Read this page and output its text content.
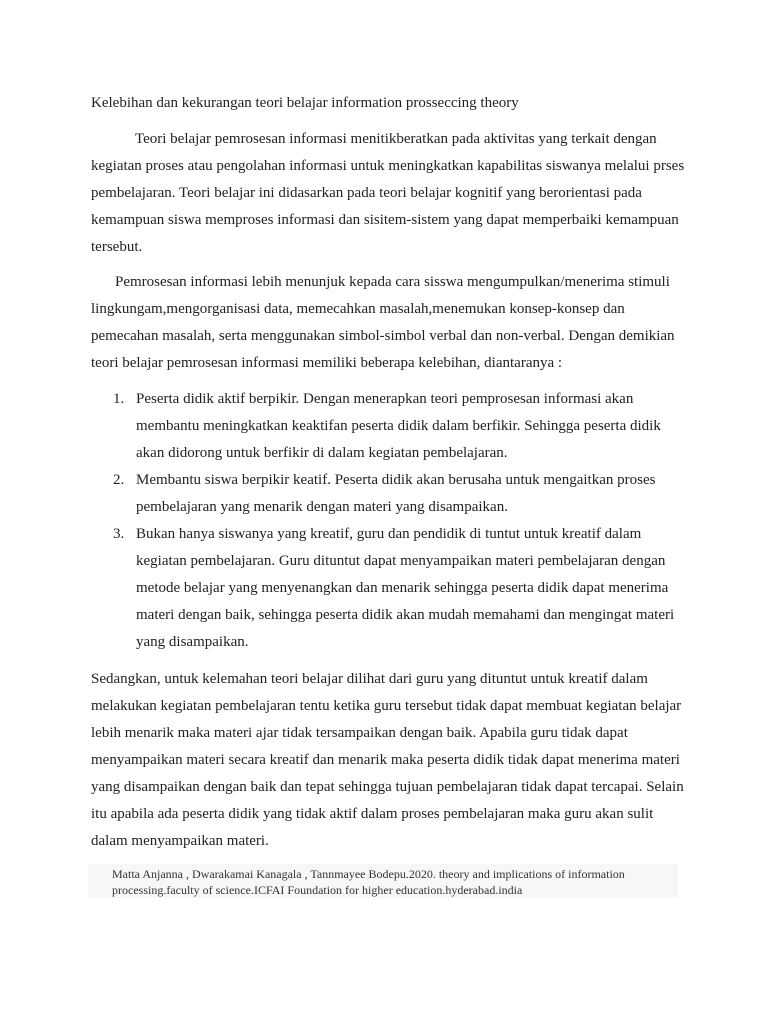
Kelebihan dan kekurangan teori belajar information prosseccing theory

Teori belajar pemrosesan informasi menitikberatkan pada aktivitas yang terkait dengan kegiatan proses atau pengolahan informasi untuk meningkatkan kapabilitas siswanya melalui prses pembelajaran. Teori belajar ini didasarkan pada teori belajar kognitif yang berorientasi pada kemampuan siswa memproses informasi dan sisitem-sistem yang dapat memperbaiki kemampuan tersebut.

Pemrosesan informasi lebih menunjuk kepada cara sisswa mengumpulkan/menerima stimuli lingkungam,mengorganisasi data, memecahkan masalah,menemukan konsep-konsep dan pemecahan masalah, serta menggunakan simbol-simbol verbal dan non-verbal. Dengan demikian teori belajar pemrosesan informasi memiliki beberapa kelebihan, diantaranya :

1. Peserta didik aktif berpikir. Dengan menerapkan teori pemprosesan informasi akan membantu meningkatkan keaktifan peserta didik dalam berfikir. Sehingga peserta didik akan didorong untuk berfikir di dalam kegiatan pembelajaran.
2. Membantu siswa berpikir keatif. Peserta didik akan berusaha untuk mengaitkan proses pembelajaran yang menarik dengan materi yang disampaikan.
3. Bukan hanya siswanya yang kreatif, guru dan pendidik di tuntut untuk kreatif dalam kegiatan pembelajaran. Guru dituntut dapat menyampaikan materi pembelajaran dengan metode belajar yang menyenangkan dan menarik sehingga peserta didik dapat menerima materi dengan baik, sehingga peserta didik akan mudah memahami dan mengingat materi yang disampaikan.

Sedangkan, untuk kelemahan teori belajar dilihat dari guru yang dituntut untuk kreatif dalam melakukan kegiatan pembelajaran tentu ketika guru tersebut tidak dapat membuat kegiatan belajar lebih menarik maka materi ajar tidak tersampaikan dengan baik. Apabila guru tidak dapat menyampaikan materi secara kreatif dan menarik maka peserta didik tidak dapat menerima materi yang disampaikan dengan baik dan tepat sehingga tujuan pembelajaran tidak dapat tercapai. Selain itu apabila ada peserta didik yang tidak aktif dalam proses pembelajaran maka guru akan sulit dalam menyampaikan materi.

Matta Anjanna , Dwarakamai Kanagala , Tannmayee Bodepu.2020. theory and implications of information processing.faculty of science.ICFAI Foundation for higher education.hyderabad.india
